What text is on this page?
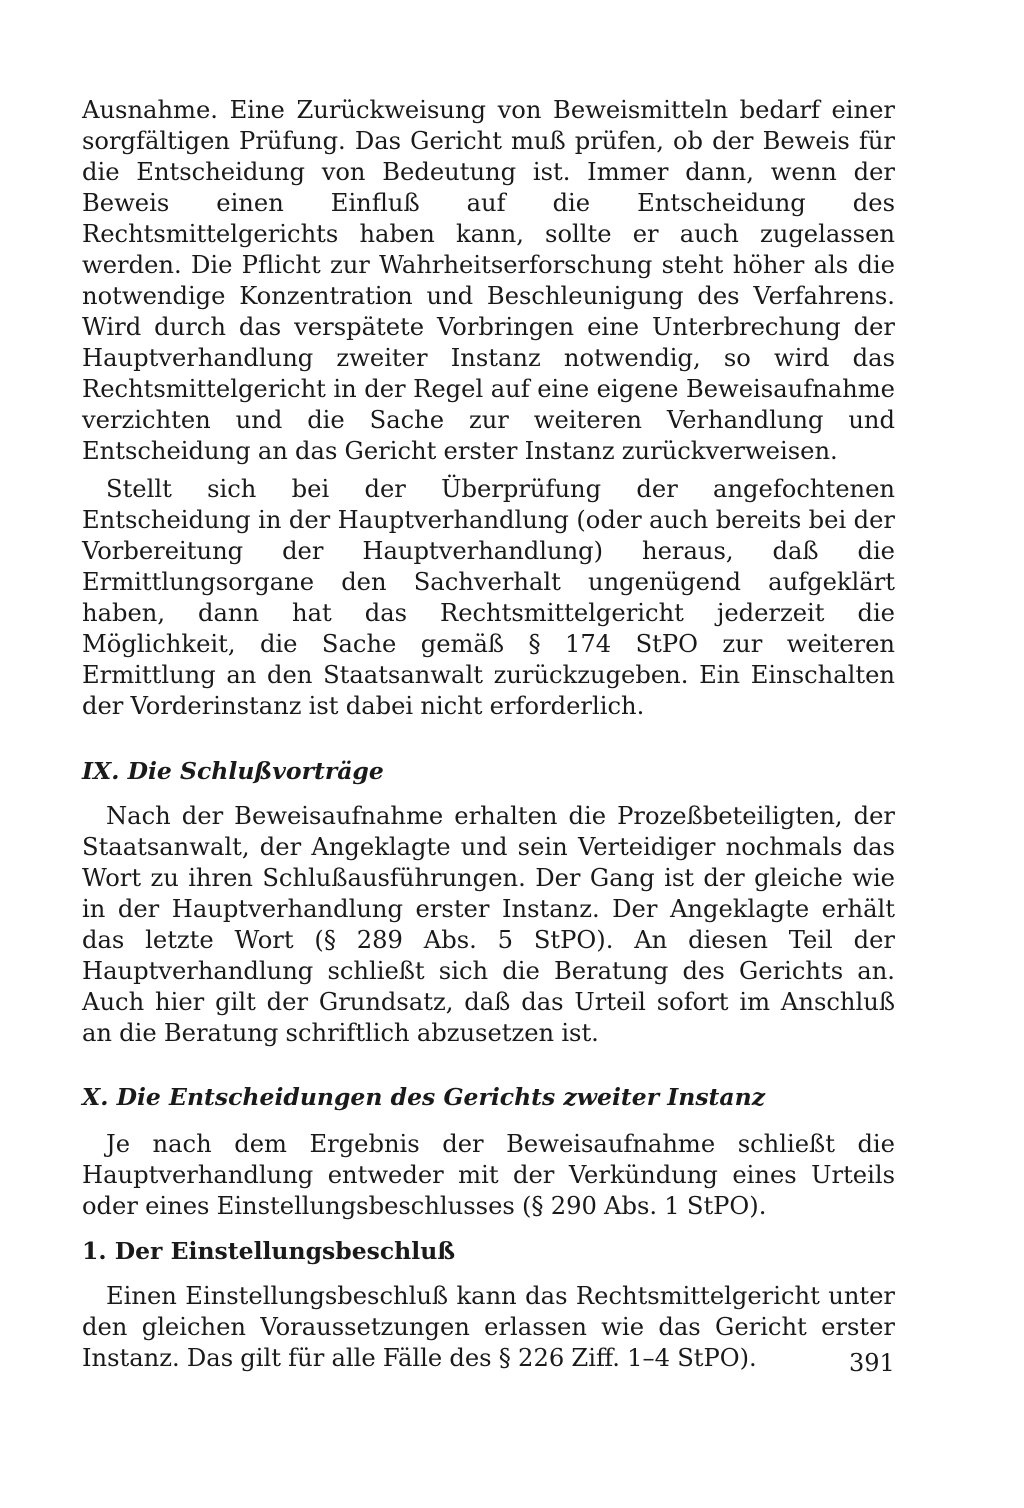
Ausnahme. Eine Zurückweisung von Beweismitteln bedarf einer sorgfältigen Prüfung. Das Gericht muß prüfen, ob der Beweis für die Entscheidung von Bedeutung ist. Immer dann, wenn der Beweis einen Einfluß auf die Entscheidung des Rechtsmittelgerichts haben kann, sollte er auch zugelassen werden. Die Pflicht zur Wahrheitserforschung steht höher als die notwendige Konzentration und Beschleunigung des Verfahrens. Wird durch das verspätete Vorbringen eine Unterbrechung der Hauptverhandlung zweiter Instanz notwendig, so wird das Rechtsmittelgericht in der Regel auf eine eigene Beweisaufnahme verzichten und die Sache zur weiteren Verhandlung und Entscheidung an das Gericht erster Instanz zurückverweisen.

Stellt sich bei der Überprüfung der angefochtenen Entscheidung in der Hauptverhandlung (oder auch bereits bei der Vorbereitung der Hauptverhandlung) heraus, daß die Ermittlungsorgane den Sachverhalt ungenügend aufgeklärt haben, dann hat das Rechtsmittelgericht jederzeit die Möglichkeit, die Sache gemäß § 174 StPO zur weiteren Ermittlung an den Staatsanwalt zurückzugeben. Ein Einschalten der Vorderinstanz ist dabei nicht erforderlich.

IX. Die Schlußvorträge

Nach der Beweisaufnahme erhalten die Prozeßbeteiligten, der Staatsanwalt, der Angeklagte und sein Verteidiger nochmals das Wort zu ihren Schlußausführungen. Der Gang ist der gleiche wie in der Hauptverhandlung erster Instanz. Der Angeklagte erhält das letzte Wort (§ 289 Abs. 5 StPO). An diesen Teil der Hauptverhandlung schließt sich die Beratung des Gerichts an. Auch hier gilt der Grundsatz, daß das Urteil sofort im Anschluß an die Beratung schriftlich abzusetzen ist.

X. Die Entscheidungen des Gerichts zweiter Instanz

Je nach dem Ergebnis der Beweisaufnahme schließt die Hauptverhandlung entweder mit der Verkündung eines Urteils oder eines Einstellungsbeschlusses (§ 290 Abs. 1 StPO).

1. Der Einstellungsbeschluß

Einen Einstellungsbeschluß kann das Rechtsmittelgericht unter den gleichen Voraussetzungen erlassen wie das Gericht erster Instanz. Das gilt für alle Fälle des § 226 Ziff. 1–4 StPO).	391
